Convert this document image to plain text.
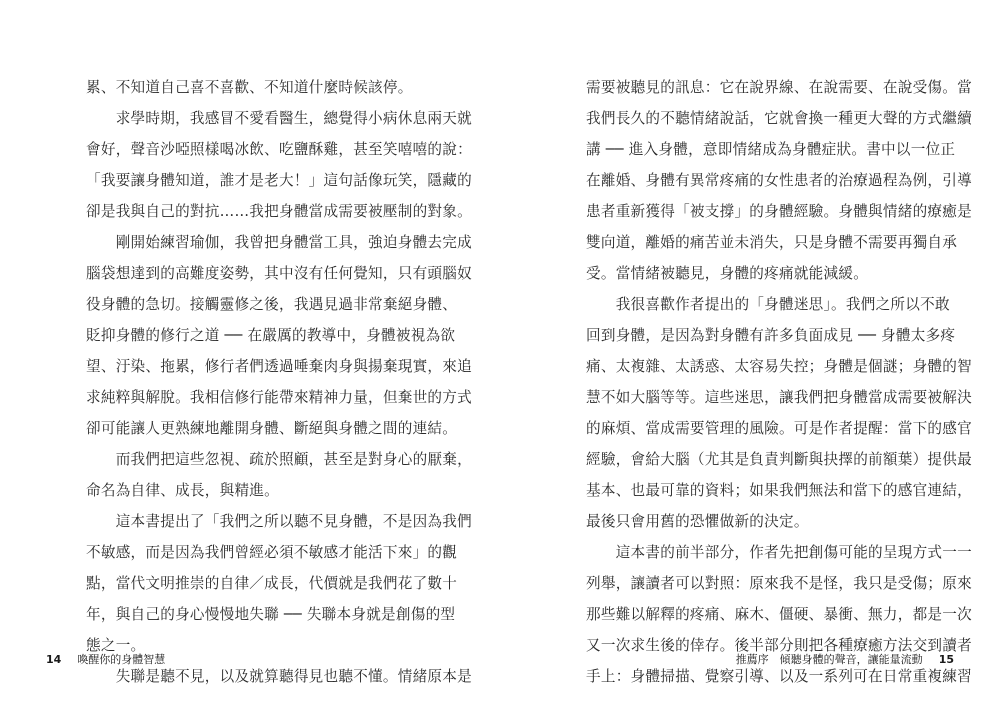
累、不知道自己喜不喜歡、不知道什麼時候該停。
　　求學時期，我感冒不愛看醫生，總覺得小病休息兩天就
會好，聲音沙啞照樣喝冰飲、吃鹽酥雞，甚至笑嘻嘻的說：
「我要讓身體知道，誰才是老大！」這句話像玩笑，隱藏的
卻是我與自己的對抗……我把身體當成需要被壓制的對象。
　　剛開始練習瑜伽，我曾把身體當工具，強迫身體去完成
腦袋想達到的高難度姿勢，其中沒有任何覺知，只有頭腦奴
役身體的急切。接觸靈修之後，我遇見過非常棄絕身體、
貶抑身體的修行之道 ── 在嚴厲的教導中，身體被視為欲
望、汙染、拖累，修行者們透過唾棄肉身與揚棄現實，來追
求純粹與解脫。我相信修行能帶來精神力量，但棄世的方式
卻可能讓人更熟練地離開身體、斷絕與身體之間的連結。
　　而我們把這些忽視、疏於照顧，甚至是對身心的厭棄，
命名為自律、成長，與精進。
　　這本書提出了「我們之所以聽不見身體，不是因為我們
不敏感，而是因為我們曾經必須不敏感才能活下來」的觀
點，當代文明推崇的自律／成長，代價就是我們花了數十
年，與自己的身心慢慢地失聯 ── 失聯本身就是創傷的型
態之一。
　　失聯是聽不見，以及就算聽得見也聽不懂。情緒原本是
14 喚醒你的身體智慧
需要被聽見的訊息：它在說界線、在說需要、在說受傷。當
我們長久的不聽情緒說話，它就會換一種更大聲的方式繼續
講 ── 進入身體，意即情緒成為身體症狀。書中以一位正
在離婚、身體有異常疼痛的女性患者的治療過程為例，引導
患者重新獲得「被支撐」的身體經驗。身體與情緒的療癒是
雙向道，離婚的痛苦並未消失，只是身體不需要再獨自承
受。當情緒被聽見，身體的疼痛就能減緩。
　　我很喜歡作者提出的「身體迷思」。我們之所以不敢
回到身體，是因為對身體有許多負面成見 ── 身體太多疼
痛、太複雜、太誘惑、太容易失控；身體是個謎；身體的智
慧不如大腦等等。這些迷思，讓我們把身體當成需要被解決
的麻煩、當成需要管理的風險。可是作者提醒：當下的感官
經驗，會給大腦（尤其是負責判斷與抉擇的前額葉）提供最
基本、也最可靠的資料；如果我們無法和當下的感官連結，
最後只會用舊的恐懼做新的決定。
　　這本書的前半部分，作者先把創傷可能的呈現方式一一
列舉，讓讀者可以對照：原來我不是怪，我只是受傷；原來
那些難以解釋的疼痛、麻木、僵硬、暴衝、無力，都是一次
又一次求生後的倖存。後半部分則把各種療癒方法交到讀者
手上：身體掃描、覺察引導、以及一系列可在日常重複練習
推薦序　傾聽身體的聲音，讓能量流動 15
